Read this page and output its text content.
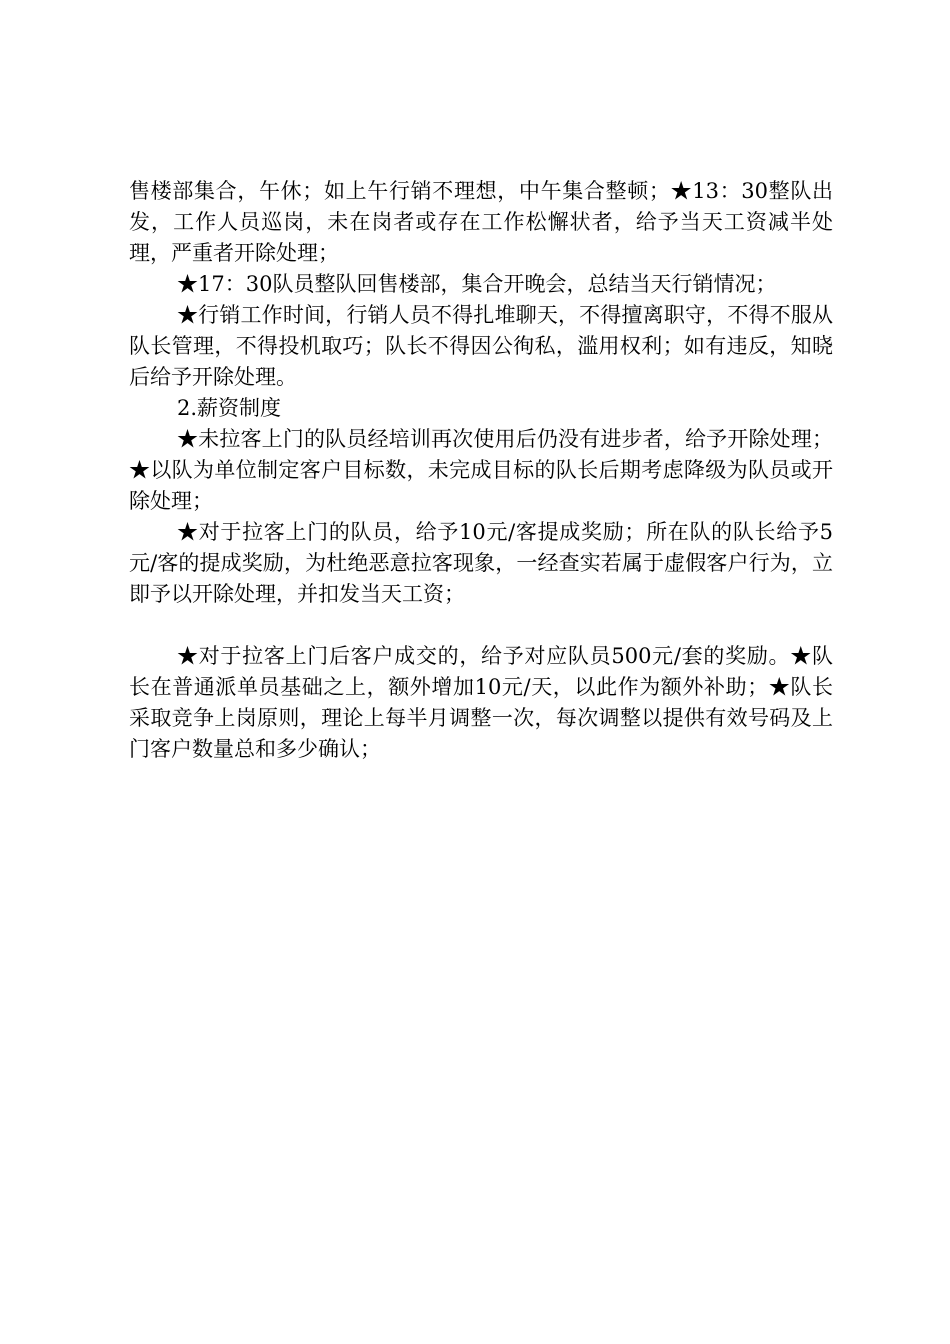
售楼部集合，午休；如上午行销不理想，中午集合整顿；★13：30整队出发，工作人员巡岗，未在岗者或存在工作松懈状者，给予当天工资减半处理，严重者开除处理；

★17：30队员整队回售楼部，集合开晚会，总结当天行销情况；

★行销工作时间，行销人员不得扎堆聊天，不得擅离职守，不得不服从队长管理，不得投机取巧；队长不得因公徇私，滥用权利；如有违反，知晓后给予开除处理。

2.薪资制度

★未拉客上门的队员经培训再次使用后仍没有进步者，给予开除处理；★以队为单位制定客户目标数，未完成目标的队长后期考虑降级为队员或开除处理；

★对于拉客上门的队员，给予10元/客提成奖励；所在队的队长给予5元/客的提成奖励，为杜绝恶意拉客现象，一经查实若属于虚假客户行为，立即予以开除处理，并扣发当天工资；

★对于拉客上门后客户成交的，给予对应队员500元/套的奖励。★队长在普通派单员基础之上，额外增加10元/天，以此作为额外补助；★队长采取竞争上岗原则，理论上每半月调整一次，每次调整以提供有效号码及上门客户数量总和多少确认；
